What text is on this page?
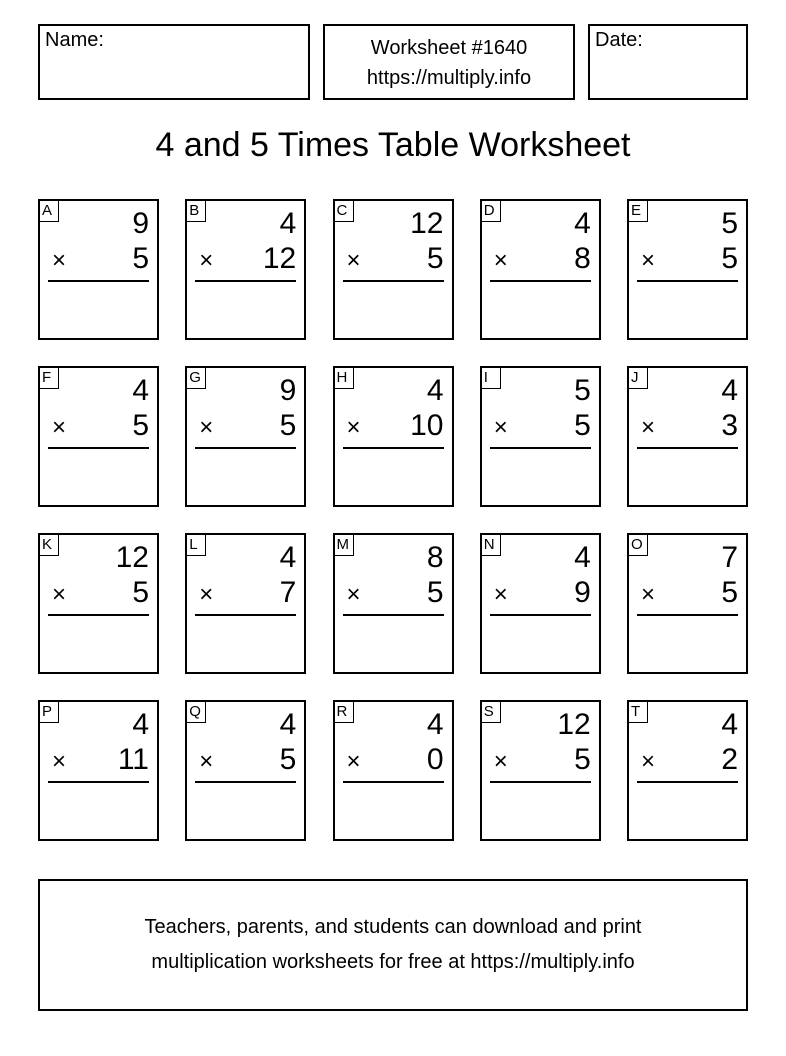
Name:	Worksheet #1640
https://multiply.info
Date:
4 and 5 Times Table Worksheet
A	9
× 5
B	4
× 12
C 12
× 5
D	4
× 8
E	5
× 5
F	4
× 5
G	9
× 5
H	4
× 10
I	5
× 5
J	4
× 3
K 12
× 5
L	4
× 7
M	8
× 5
N	4
× 9
O	7
× 5
P	4
× 11
Q	4
× 5
R	4
× 0
S 12
× 5
T	4
× 2
Teachers, parents, and students can download and print
multiplication worksheets for free at https://multiply.info
